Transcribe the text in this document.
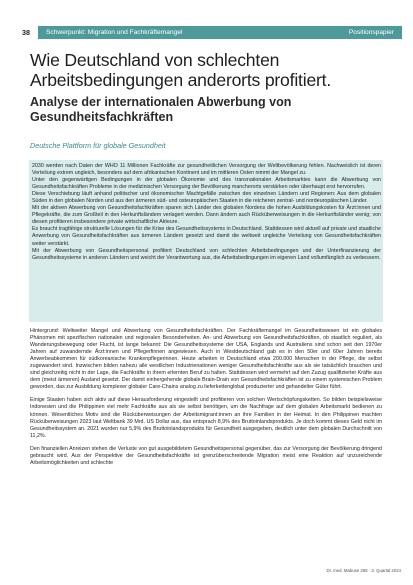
38	Schwerpunkt: Migration und Fachkräftemangel	Positionspapier
Wie Deutschland von schlechten Arbeitsbedingungen anderorts profitiert.
Analyse der internationalen Abwerbung von Gesundheitsfachkräften
Deutsche Plattform für globale Gesundheit

2030 werden nach Daten der WHO 11 Millionen Fachkräfte zur gesundheitlichen Versorgung der Weltbevölkerung fehlen. Nachweislich ist deren Verteilung extrem ungleich, besonders auf dem afrikanischen Kontinent und im mittleren Osten nimmt der Mangel zu.

Unter den gegenwärtigen Bedingungen in der globalen Ökonomie und des transnationalen Arbeitsmarktes kann die Abwerbung von Gesundheitsfachkräften Probleme in der medizinischen Versorgung der Bevölkerung mancherorts verstärken oder überhaupt erst hervorrufen.

Diese Verschiebung läuft anhand politischer und ökonomischer Machtgefälle zwischen den einzelnen Ländern und Regionen: Aus dem globalen Süden in den globalen Norden und aus den ärmeren süd- und osteuropäischen Staaten in die reicheren zentral- und nordeuropäischen Länder.

Mit der aktiven Abwerbung von Gesundheitsfachkräften sparen sich Länder des globalen Nordens die hohen Ausbildungskosten für Ärzt:innen und Pflegekräfte, die zum Großteil in den Herkunftsländern verlagert werden. Dann ändern auch Rücküberweisungen in die Herkunftsländer wenig; von diesen profitieren insbesondere private wirtschaftliche Akteure.

Es braucht tragfähige strukturelle Lösungen für die Krise des Gesundheitssystems in Deutschland. Stattdessen wird aktuell auf private und staatliche Anwerbung von Gesundheitsfachkräften aus ärmeren Ländern gesetzt und damit die weltweit ungleiche Verteilung von Gesundheitsfachkräften weiter verstärkt.

Mit der Abwerbung von Gesundheitspersonal profitiert Deutschland von schlechten Arbeitsbedingungen und der Unterfinanzierung der Gesundheitssysteme in anderen Ländern und weicht der Verantwortung aus, die Arbeitsbedingungen im eigenen Land vollumfänglich zu verbessern.

Hintergrund: Weltweiter Mangel und Abwerbung von Gesundheitsfachkräften. Der Fachkräftemangel im Gesundheitswesen ist ein globales Phänomen mit spezifischen nationalen und regionalen Besonderheiten. An- und Abwerbung von Gesundheitsfachkräften, ob staatlich reguliert, als Wanderungsbewegung oder Flucht, ist lange bekannt: Die Gesundheitssysteme der USA, Englands und Australiens sind schon seit den 1970er Jahren auf zuwandernde Ärzt:innen und Pflegerfinnen angewiesen. Auch in Westdeutschland gab es in den 50er und 60er Jahren bereits Anwerbeabkommen für südkoreanische Krankenpflegerinnen. Heute arbeiten in Deutschland etwa 200.000 Menschen in der Pflege, die selbst zugewandert sind. Inzwischen bilden nahezu alle westlichen Industrienationen weniger Gesundheitsfachkräfte aus als sie tatsächlich brauchen und sind gleichzeitig nicht in der Lage, die Fachkräfte in ihrem erlernten Beruf zu halten. Stattdessen wird vermehrt auf den Zuzug qualifizierter Kräfte aus dem (meist ärmeren) Ausland gesetzt. Der damit einhergehende globale Brain-Drain von Gesundheitsfachkräften ist zu einem systemischen Problem geworden, das zur Ausbildung komplexer globaler Care-Chains analog zu lieferkettenglobal produzierter und gehandelter Güter führt.

Einige Staaten haben sich aktiv auf diese Herausforderung eingestellt und profitieren von solchen Wertschöpfungsketten. So bilden beispielsweise Indonesien und die Philippinen viel mehr Fachkräfte aus als sie selbst benötigen, um die Nachfrage auf dem globalen Arbeitsmarkt bedienen zu können. Wesentliches Motiv sind die Rücküberweisungen der Arbeitsmigrant:innen an ihre Familien in der Heimat. In den Philippinen machten Rücküberweisungen 2023 laut Weltbank 39 Mrd. US Dollar aus, das entsprach 8,9% des Bruttoinlandsprodukts. Je doch kommt dieses Geld nicht im Gesundheitssystem an. 2021 wurden nur 5,9% des Bruttoinlandsprodukts für Gesundheit ausgegeben, deutlich unter dem globalen Durchschnitt von 11,2%.

Den finanziellen Anreizen stehen die Verluste von gut ausgebildetem Gesundheitspersonal gegenüber, das zur Versorgung der Bevölkerung dringend gebraucht wird. Aus der Perspektive der Gesundheitsfachkräfte ist grenzüberschreitende Migration meist eine Reaktion auf unzureichende Arbeitsmöglichkeiten und schlechte

Dr. med. Mabuse 268 · 3. Quartal 2024
